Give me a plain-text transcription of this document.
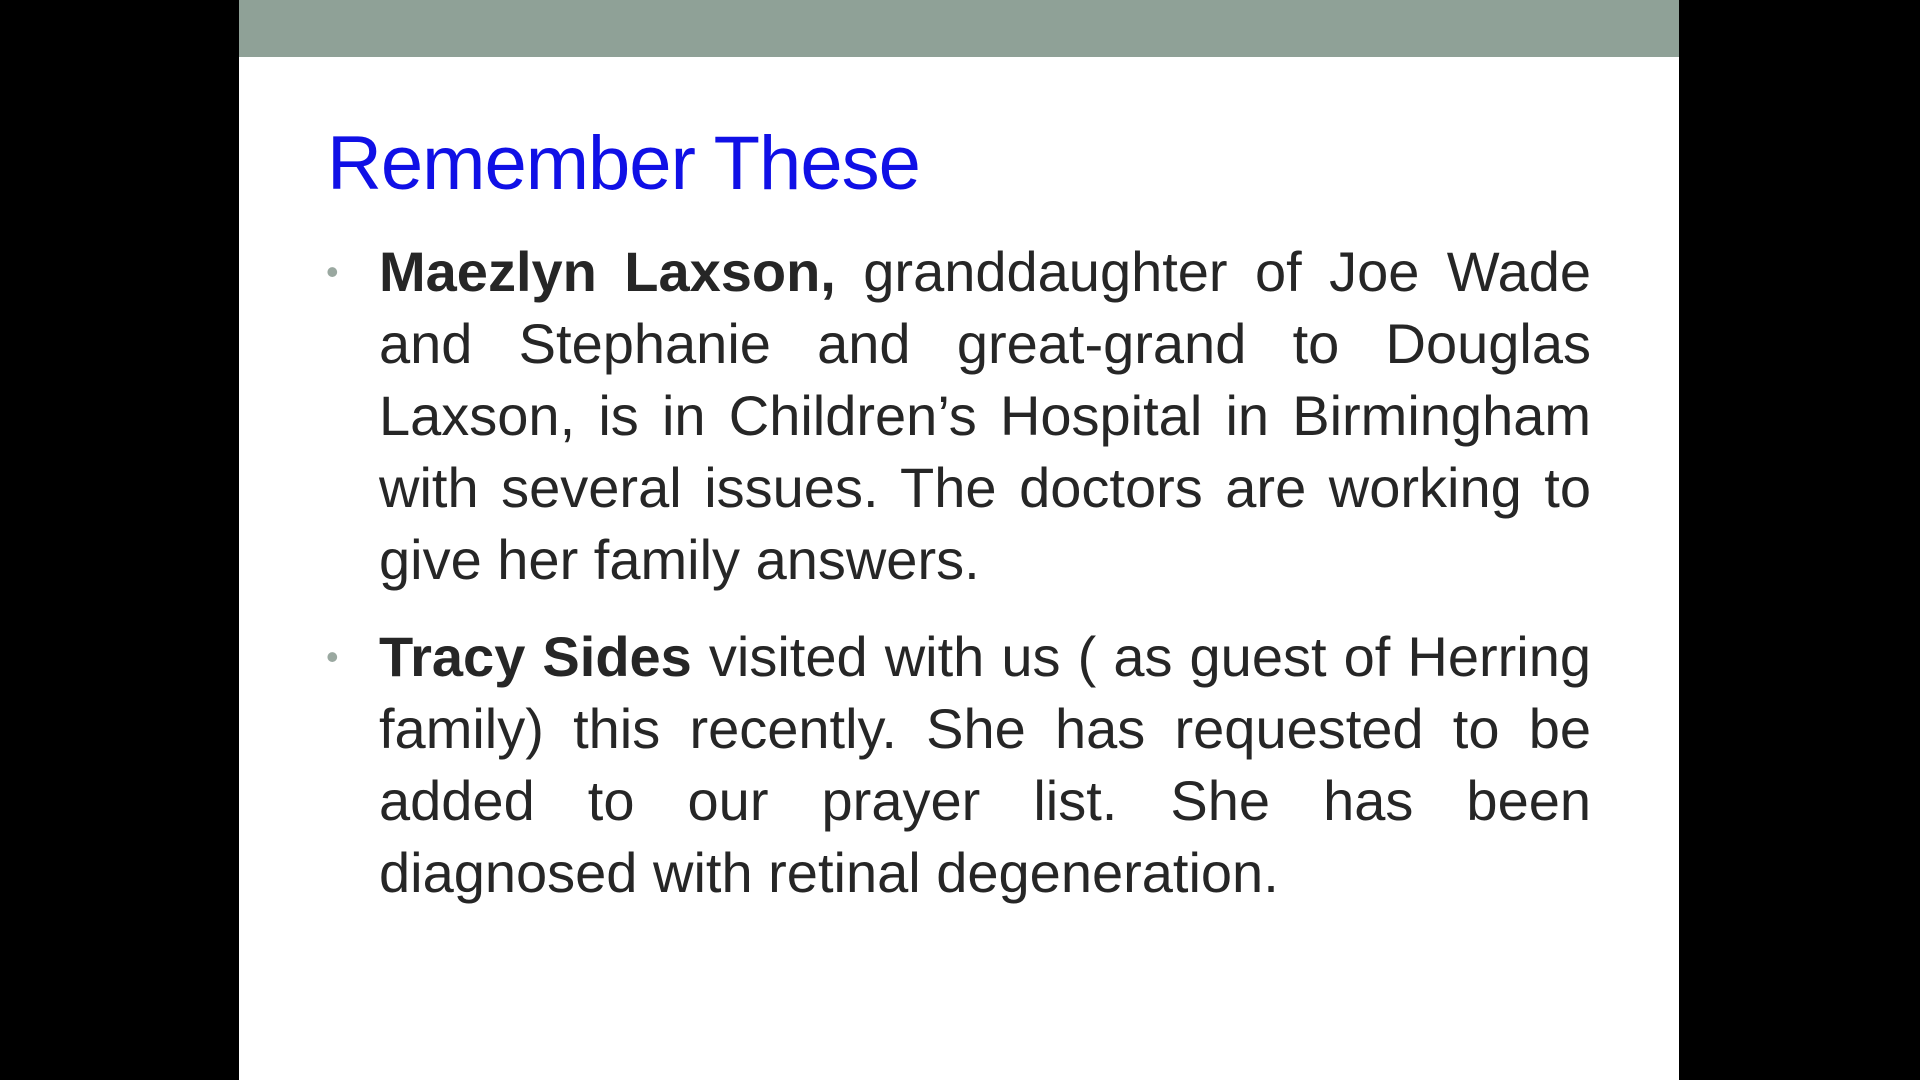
Remember These
• Maezlyn Laxson, granddaughter of Joe Wade and Stephanie and great-grand to Douglas Laxson, is in Children’s Hospital in Birmingham with several issues. The doctors are working to give her family answers.
• Tracy Sides visited with us ( as guest of Herring family) this recently. She has requested to be added to our prayer list. She has been diagnosed with retinal degeneration.
